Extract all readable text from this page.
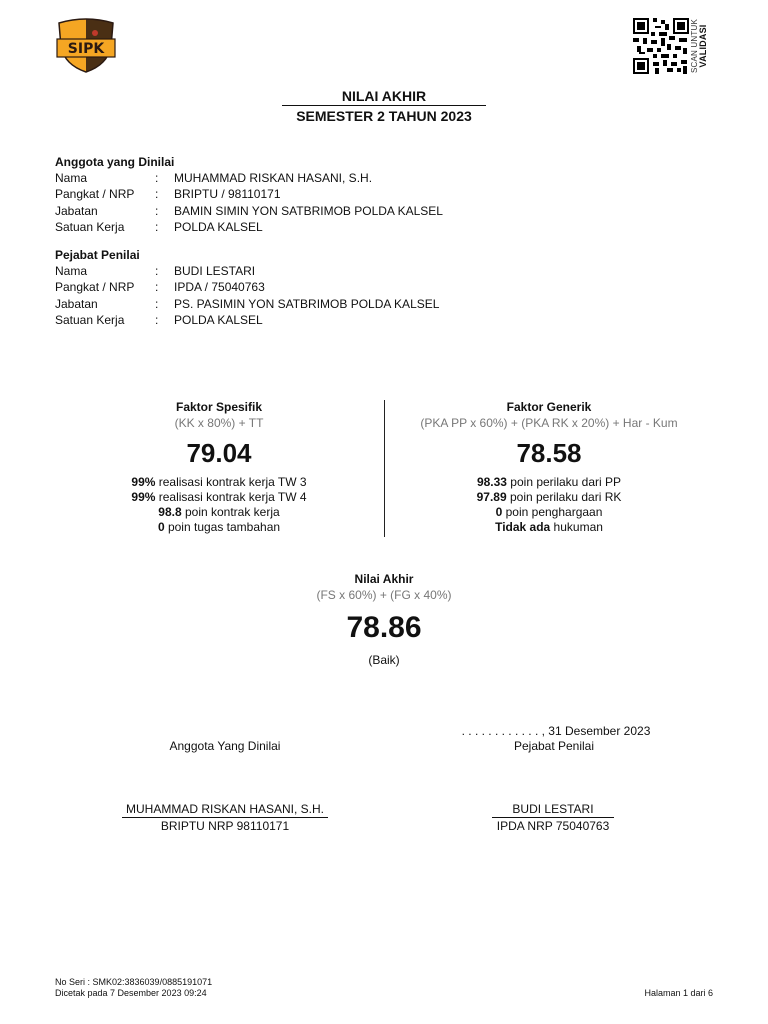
SIPK	SCAN UNTUK VALIDASI
NILAI AKHIR
SEMESTER 2 TAHUN 2023
Anggota yang Dinilai
Nama	:	MUHAMMAD RISKAN HASANI, S.H.
Pangkat / NRP	:	BRIPTU / 98110171
Jabatan	:	BAMIN SIMIN YON SATBRIMOB POLDA KALSEL
Satuan Kerja	:	POLDA KALSEL
Pejabat Penilai
Nama	:	BUDI LESTARI
Pangkat / NRP	:	IPDA / 75040763
Jabatan	:	PS. PASIMIN YON SATBRIMOB POLDA KALSEL
Satuan Kerja	:	POLDA KALSEL
Faktor Spesifik
(KK x 80%) + TT
79.04
99% realisasi kontrak kerja TW 3
99% realisasi kontrak kerja TW 4
98.8 poin kontrak kerja
0 poin tugas tambahan
Faktor Generik
(PKA PP x 60%) + (PKA RK x 20%) + Har - Kum
78.58
98.33 poin perilaku dari PP
97.89 poin perilaku dari RK
0 poin penghargaan
Tidak ada hukuman
Nilai Akhir
(FS x 60%) + (FG x 40%)
78.86
(Baik)
. . . . . . . . . . . . , 31 Desember 2023
Anggota Yang Dinilai	Pejabat Penilai
MUHAMMAD RISKAN HASANI, S.H.
BRIPTU NRP 98110171
BUDI LESTARI
IPDA NRP 75040763
No Seri : SMK02:3836039/0885191071
Dicetak pada 7 Desember 2023 09:24	Halaman 1 dari 6
